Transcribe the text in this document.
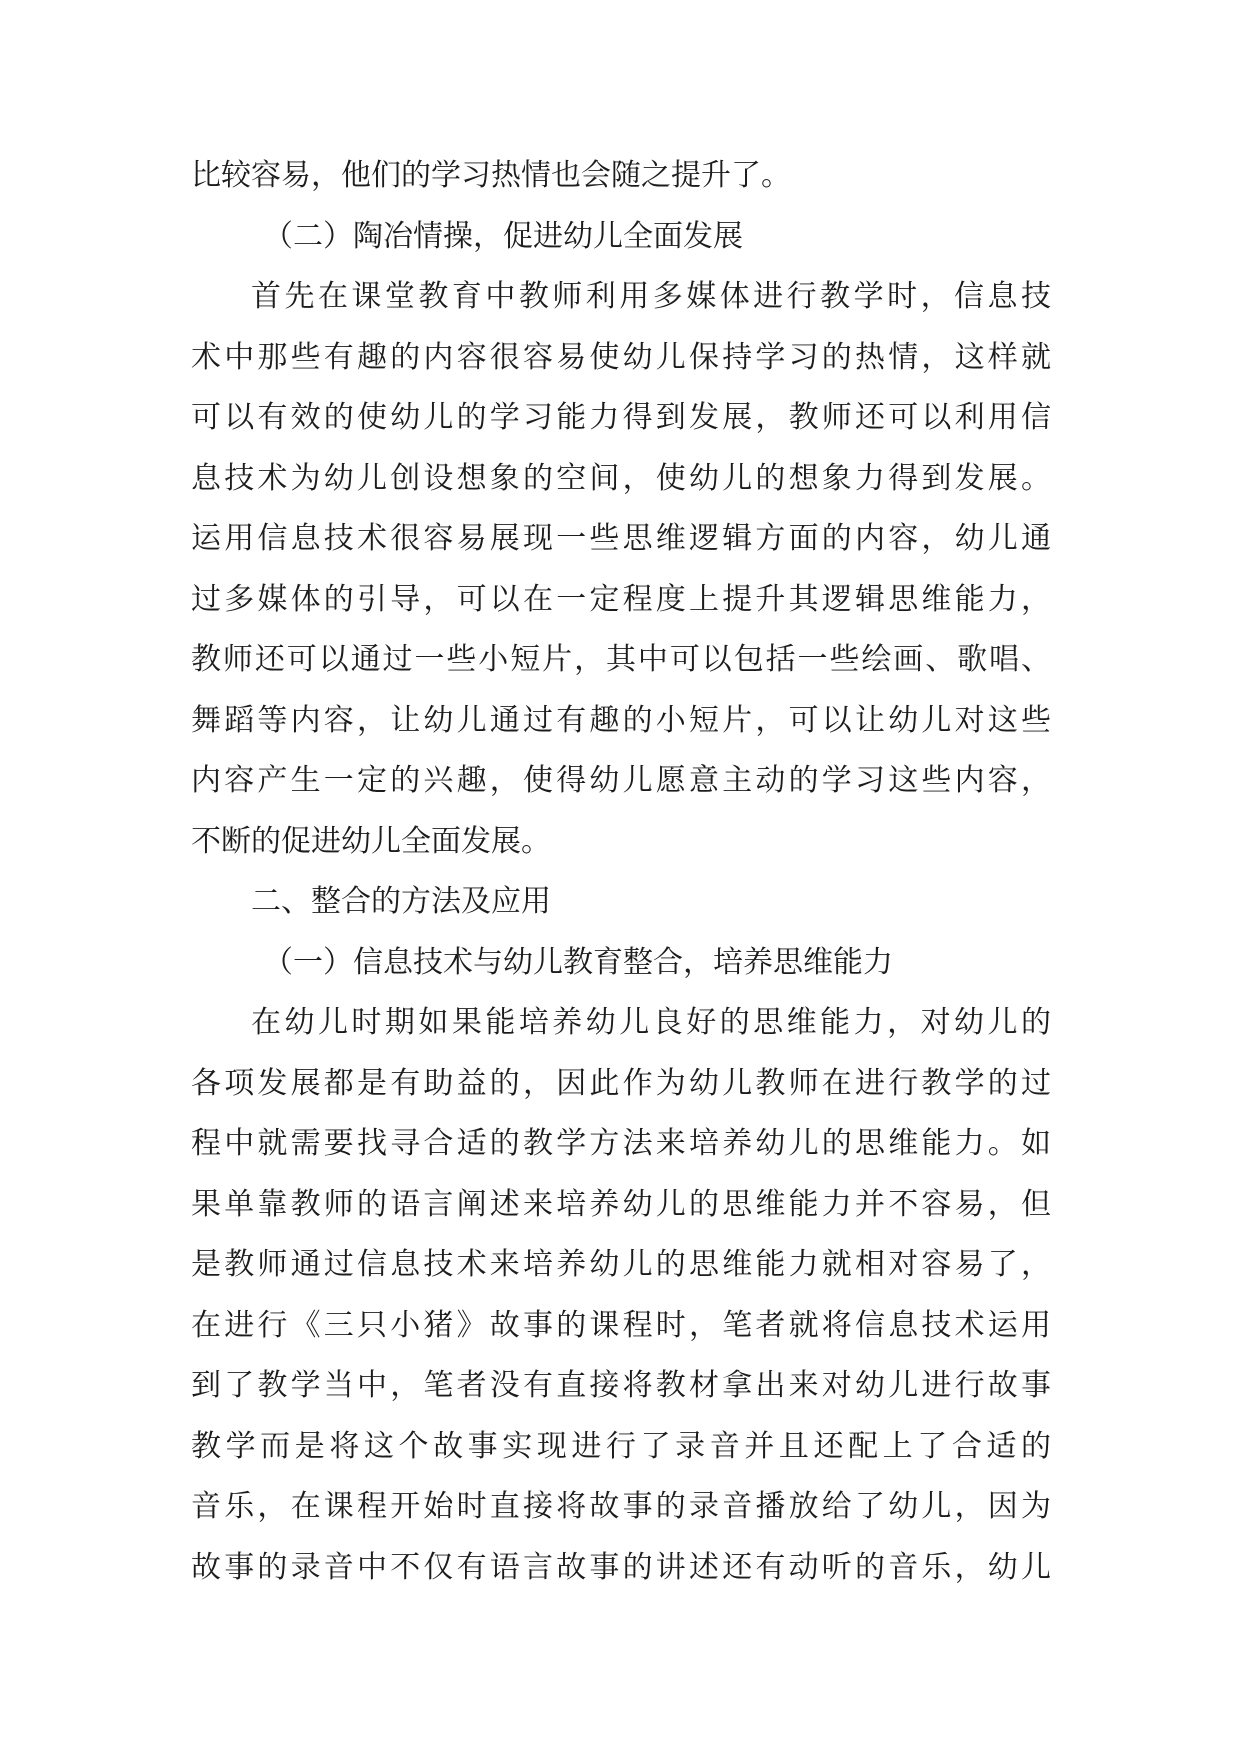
比较容易，他们的学习热情也会随之提升了。
（二）陶冶情操，促进幼儿全面发展
首先在课堂教育中教师利用多媒体进行教学时，信息技
术中那些有趣的内容很容易使幼儿保持学习的热情，这样就
可以有效的使幼儿的学习能力得到发展，教师还可以利用信
息技术为幼儿创设想象的空间，使幼儿的想象力得到发展。
运用信息技术很容易展现一些思维逻辑方面的内容，幼儿通
过多媒体的引导，可以在一定程度上提升其逻辑思维能力，
教师还可以通过一些小短片，其中可以包括一些绘画、歌唱、
舞蹈等内容，让幼儿通过有趣的小短片，可以让幼儿对这些
内容产生一定的兴趣，使得幼儿愿意主动的学习这些内容，
不断的促进幼儿全面发展。
二、整合的方法及应用
（一）信息技术与幼儿教育整合，培养思维能力
在幼儿时期如果能培养幼儿良好的思维能力，对幼儿的
各项发展都是有助益的，因此作为幼儿教师在进行教学的过
程中就需要找寻合适的教学方法来培养幼儿的思维能力。如
果单靠教师的语言阐述来培养幼儿的思维能力并不容易，但
是教师通过信息技术来培养幼儿的思维能力就相对容易了，
在进行《三只小猪》故事的课程时，笔者就将信息技术运用
到了教学当中，笔者没有直接将教材拿出来对幼儿进行故事
教学而是将这个故事实现进行了录音并且还配上了合适的
音乐，在课程开始时直接将故事的录音播放给了幼儿，因为
故事的录音中不仅有语言故事的讲述还有动听的音乐，幼儿
